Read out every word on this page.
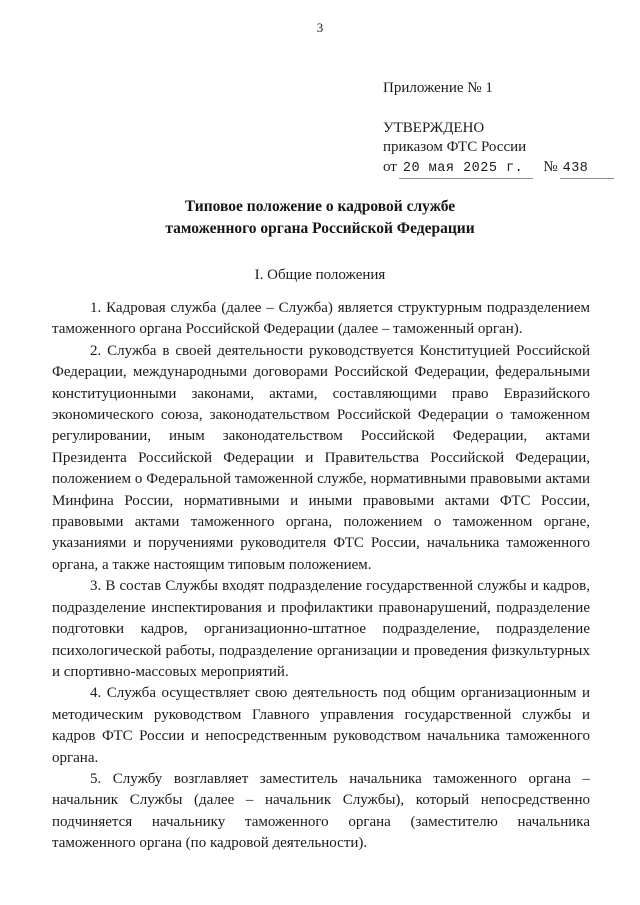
3
Приложение № 1
УТВЕРЖДЕНО
приказом ФТС России
от 20 мая 2025 г. № 438
Типовое положение о кадровой службе
таможенного органа Российской Федерации
I. Общие положения

1. Кадровая служба (далее – Служба) является структурным подразделением таможенного органа Российской Федерации (далее – таможенный орган).

2. Служба в своей деятельности руководствуется Конституцией Российской Федерации, международными договорами Российской Федерации, федеральными конституционными законами, актами, составляющими право Евразийского экономического союза, законодательством Российской Федерации о таможенном регулировании, иным законодательством Российской Федерации, актами Президента Российской Федерации и Правительства Российской Федерации, положением о Федеральной таможенной службе, нормативными правовыми актами Минфина России, нормативными и иными правовыми актами ФТС России, правовыми актами таможенного органа, положением о таможенном органе, указаниями и поручениями руководителя ФТС России, начальника таможенного органа, а также настоящим типовым положением.

3. В состав Службы входят подразделение государственной службы и кадров, подразделение инспектирования и профилактики правонарушений, подразделение подготовки кадров, организационно-штатное подразделение, подразделение психологической работы, подразделение организации и проведения физкультурных и спортивно-массовых мероприятий.

4. Служба осуществляет свою деятельность под общим организационным и методическим руководством Главного управления государственной службы и кадров ФТС России и непосредственным руководством начальника таможенного органа.

5. Службу возглавляет заместитель начальника таможенного органа – начальник Службы (далее – начальник Службы), который непосредственно подчиняется начальнику таможенного органа (заместителю начальника таможенного органа (по кадровой деятельности).
